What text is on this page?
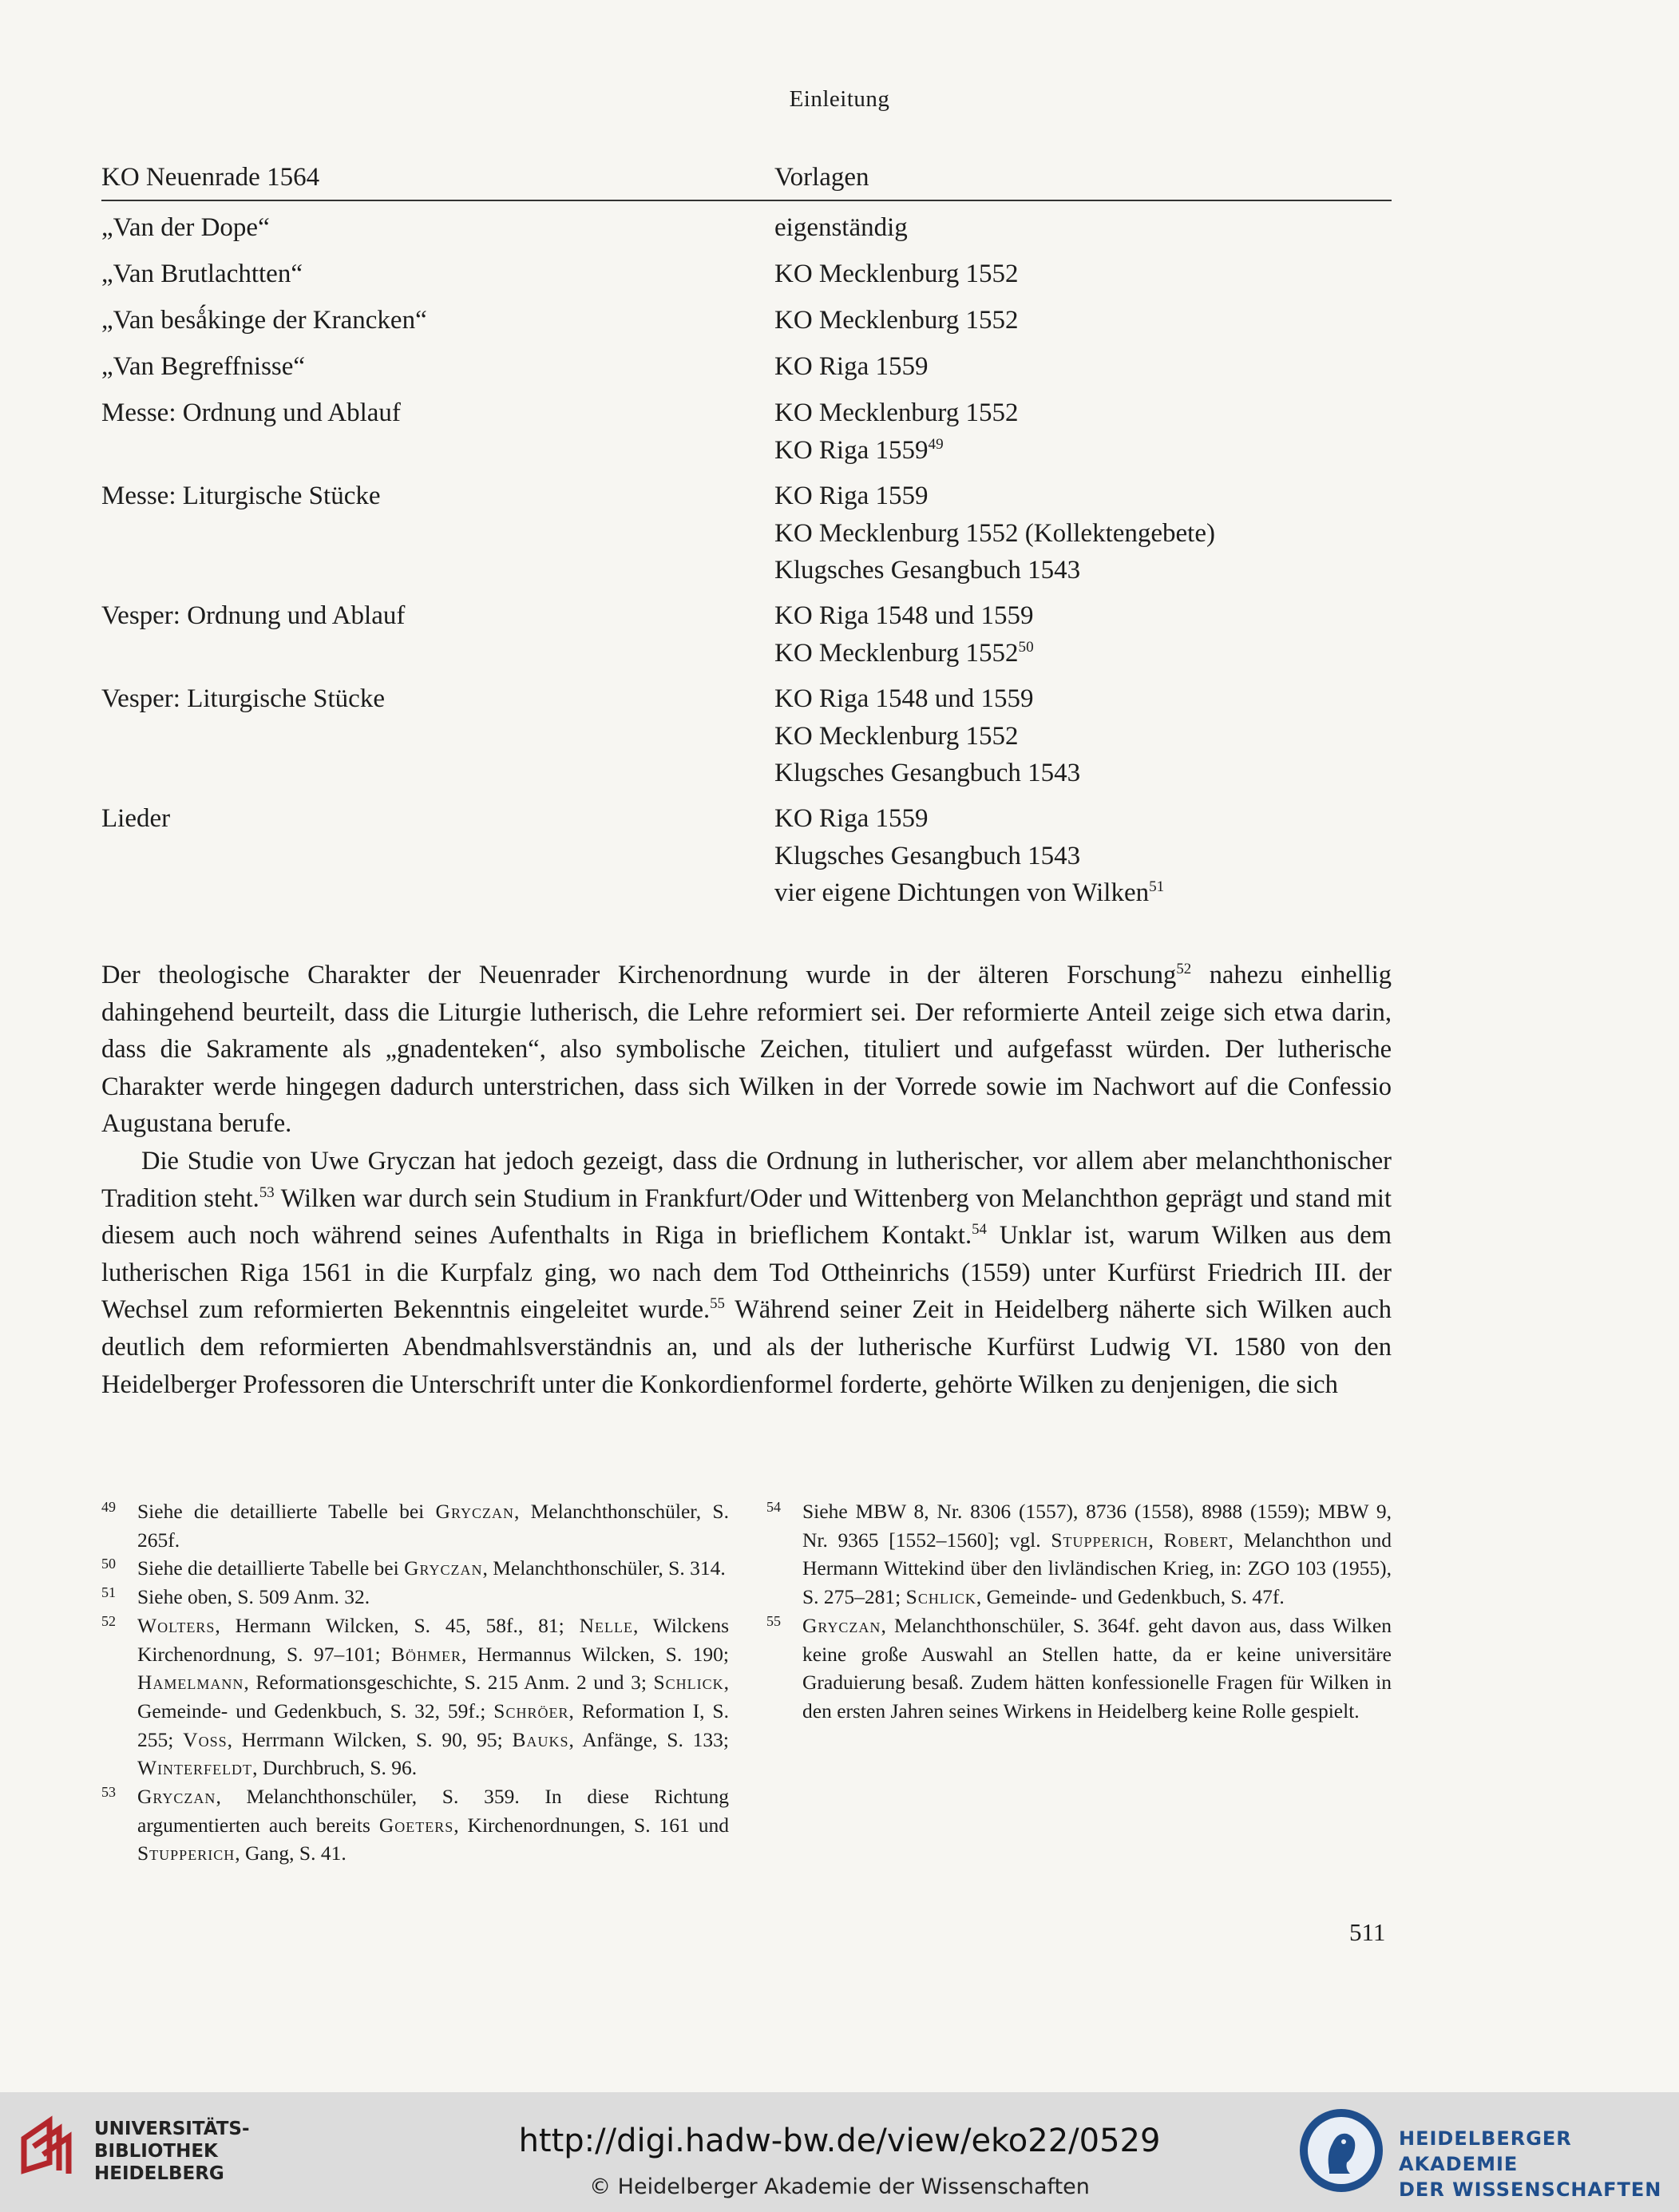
Einleitung
KO Neuenrade 1564	Vorlagen
„Van der Dope“	eigenständig
„Van Brutlachtten“	KO Mecklenburg 1552
„Van besǻkinge der Krancken“	KO Mecklenburg 1552
„Van Begreffnisse“	KO Riga 1559
Messe: Ordnung und Ablauf	KO Mecklenburg 1552
KO Riga 1559$^{49}$
Messe: Liturgische Stücke	KO Riga 1559
KO Mecklenburg 1552 (Kollektengebete)
Klugsches Gesangbuch 1543
Vesper: Ordnung und Ablauf	KO Riga 1548 und 1559
KO Mecklenburg 1552$^{50}$
Vesper: Liturgische Stücke	KO Riga 1548 und 1559
KO Mecklenburg 1552
Klugsches Gesangbuch 1543
Lieder	KO Riga 1559
Klugsches Gesangbuch 1543
vier eigene Dichtungen von Wilken$^{51}$

Der theologische Charakter der Neuenrader Kirchenordnung wurde in der älteren Forschung$^{52}$ nahezu einhellig dahingehend beurteilt, dass die Liturgie lutherisch, die Lehre reformiert sei. Der reformierte Anteil zeige sich etwa darin, dass die Sakramente als „gnadenteken“, also symbolische Zeichen, tituliert und aufgefasst würden. Der lutherische Charakter werde hingegen dadurch unterstrichen, dass sich Wilken in der Vorrede sowie im Nachwort auf die Confessio Augustana berufe.

Die Studie von Uwe Gryczan hat jedoch gezeigt, dass die Ordnung in lutherischer, vor allem aber melanchthonischer Tradition steht.$^{53}$ Wilken war durch sein Studium in Frankfurt/Oder und Wittenberg von Melanchthon geprägt und stand mit diesem auch noch während seines Aufenthalts in Riga in brieflichem Kontakt.$^{54}$ Unklar ist, warum Wilken aus dem lutherischen Riga 1561 in die Kurpfalz ging, wo nach dem Tod Ottheinrichs (1559) unter Kurfürst Friedrich III. der Wechsel zum reformierten Bekenntnis eingeleitet wurde.$^{55}$ Während seiner Zeit in Heidelberg näherte sich Wilken auch deutlich dem reformierten Abendmahlsverständnis an, und als der lutherische Kurfürst Ludwig VI. 1580 von den Heidelberger Professoren die Unterschrift unter die Konkordienformel forderte, gehörte Wilken zu denjenigen, die sich

49 Siehe die detaillierte Tabelle bei Gryczan, Melanchthonschüler, S. 265f.

50 Siehe die detaillierte Tabelle bei Gryczan, Melanchthonschüler, S. 314.

51 Siehe oben, S. 509 Anm. 32.

52 Wolters, Hermann Wilcken, S. 45, 58f., 81; Nelle, Wilckens Kirchenordnung, S. 97–101; Böhmer, Hermannus Wilcken, S. 190; Hamelmann, Reformationsgeschichte, S. 215 Anm. 2 und 3; Schlick, Gemeinde- und Gedenkbuch, S. 32, 59f.; Schröer, Reformation I, S. 255; Voss, Herrmann Wilcken, S. 90, 95; Bauks, Anfänge, S. 133; Winterfeldt, Durchbruch, S. 96.

53 Gryczan, Melanchthonschüler, S. 359. In diese Richtung argumentierten auch bereits Goeters, Kirchenordnungen, S. 161 und Stupperich, Gang, S. 41.

54 Siehe MBW 8, Nr. 8306 (1557), 8736 (1558), 8988 (1559); MBW 9, Nr. 9365 [1552–1560]; vgl. Stupperich, Robert, Melanchthon und Hermann Wittekind über den livländischen Krieg, in: ZGO 103 (1955), S. 275–281; Schlick, Gemeinde- und Gedenkbuch, S. 47f.

55 Gryczan, Melanchthonschüler, S. 364f. geht davon aus, dass Wilken keine große Auswahl an Stellen hatte, da er keine universitäre Graduierung besaß. Zudem hätten konfessionelle Fragen für Wilken in den ersten Jahren seines Wirkens in Heidelberg keine Rolle gespielt.

511
UNIVERSITÄTS-
BIBLIOTHEK
HEIDELBERG
http://digi.hadw-bw.de/view/eko22/0529
© Heidelberger Akademie der Wissenschaften
HEIDELBERGER AKADEMIE
DER WISSENSCHAFTEN
